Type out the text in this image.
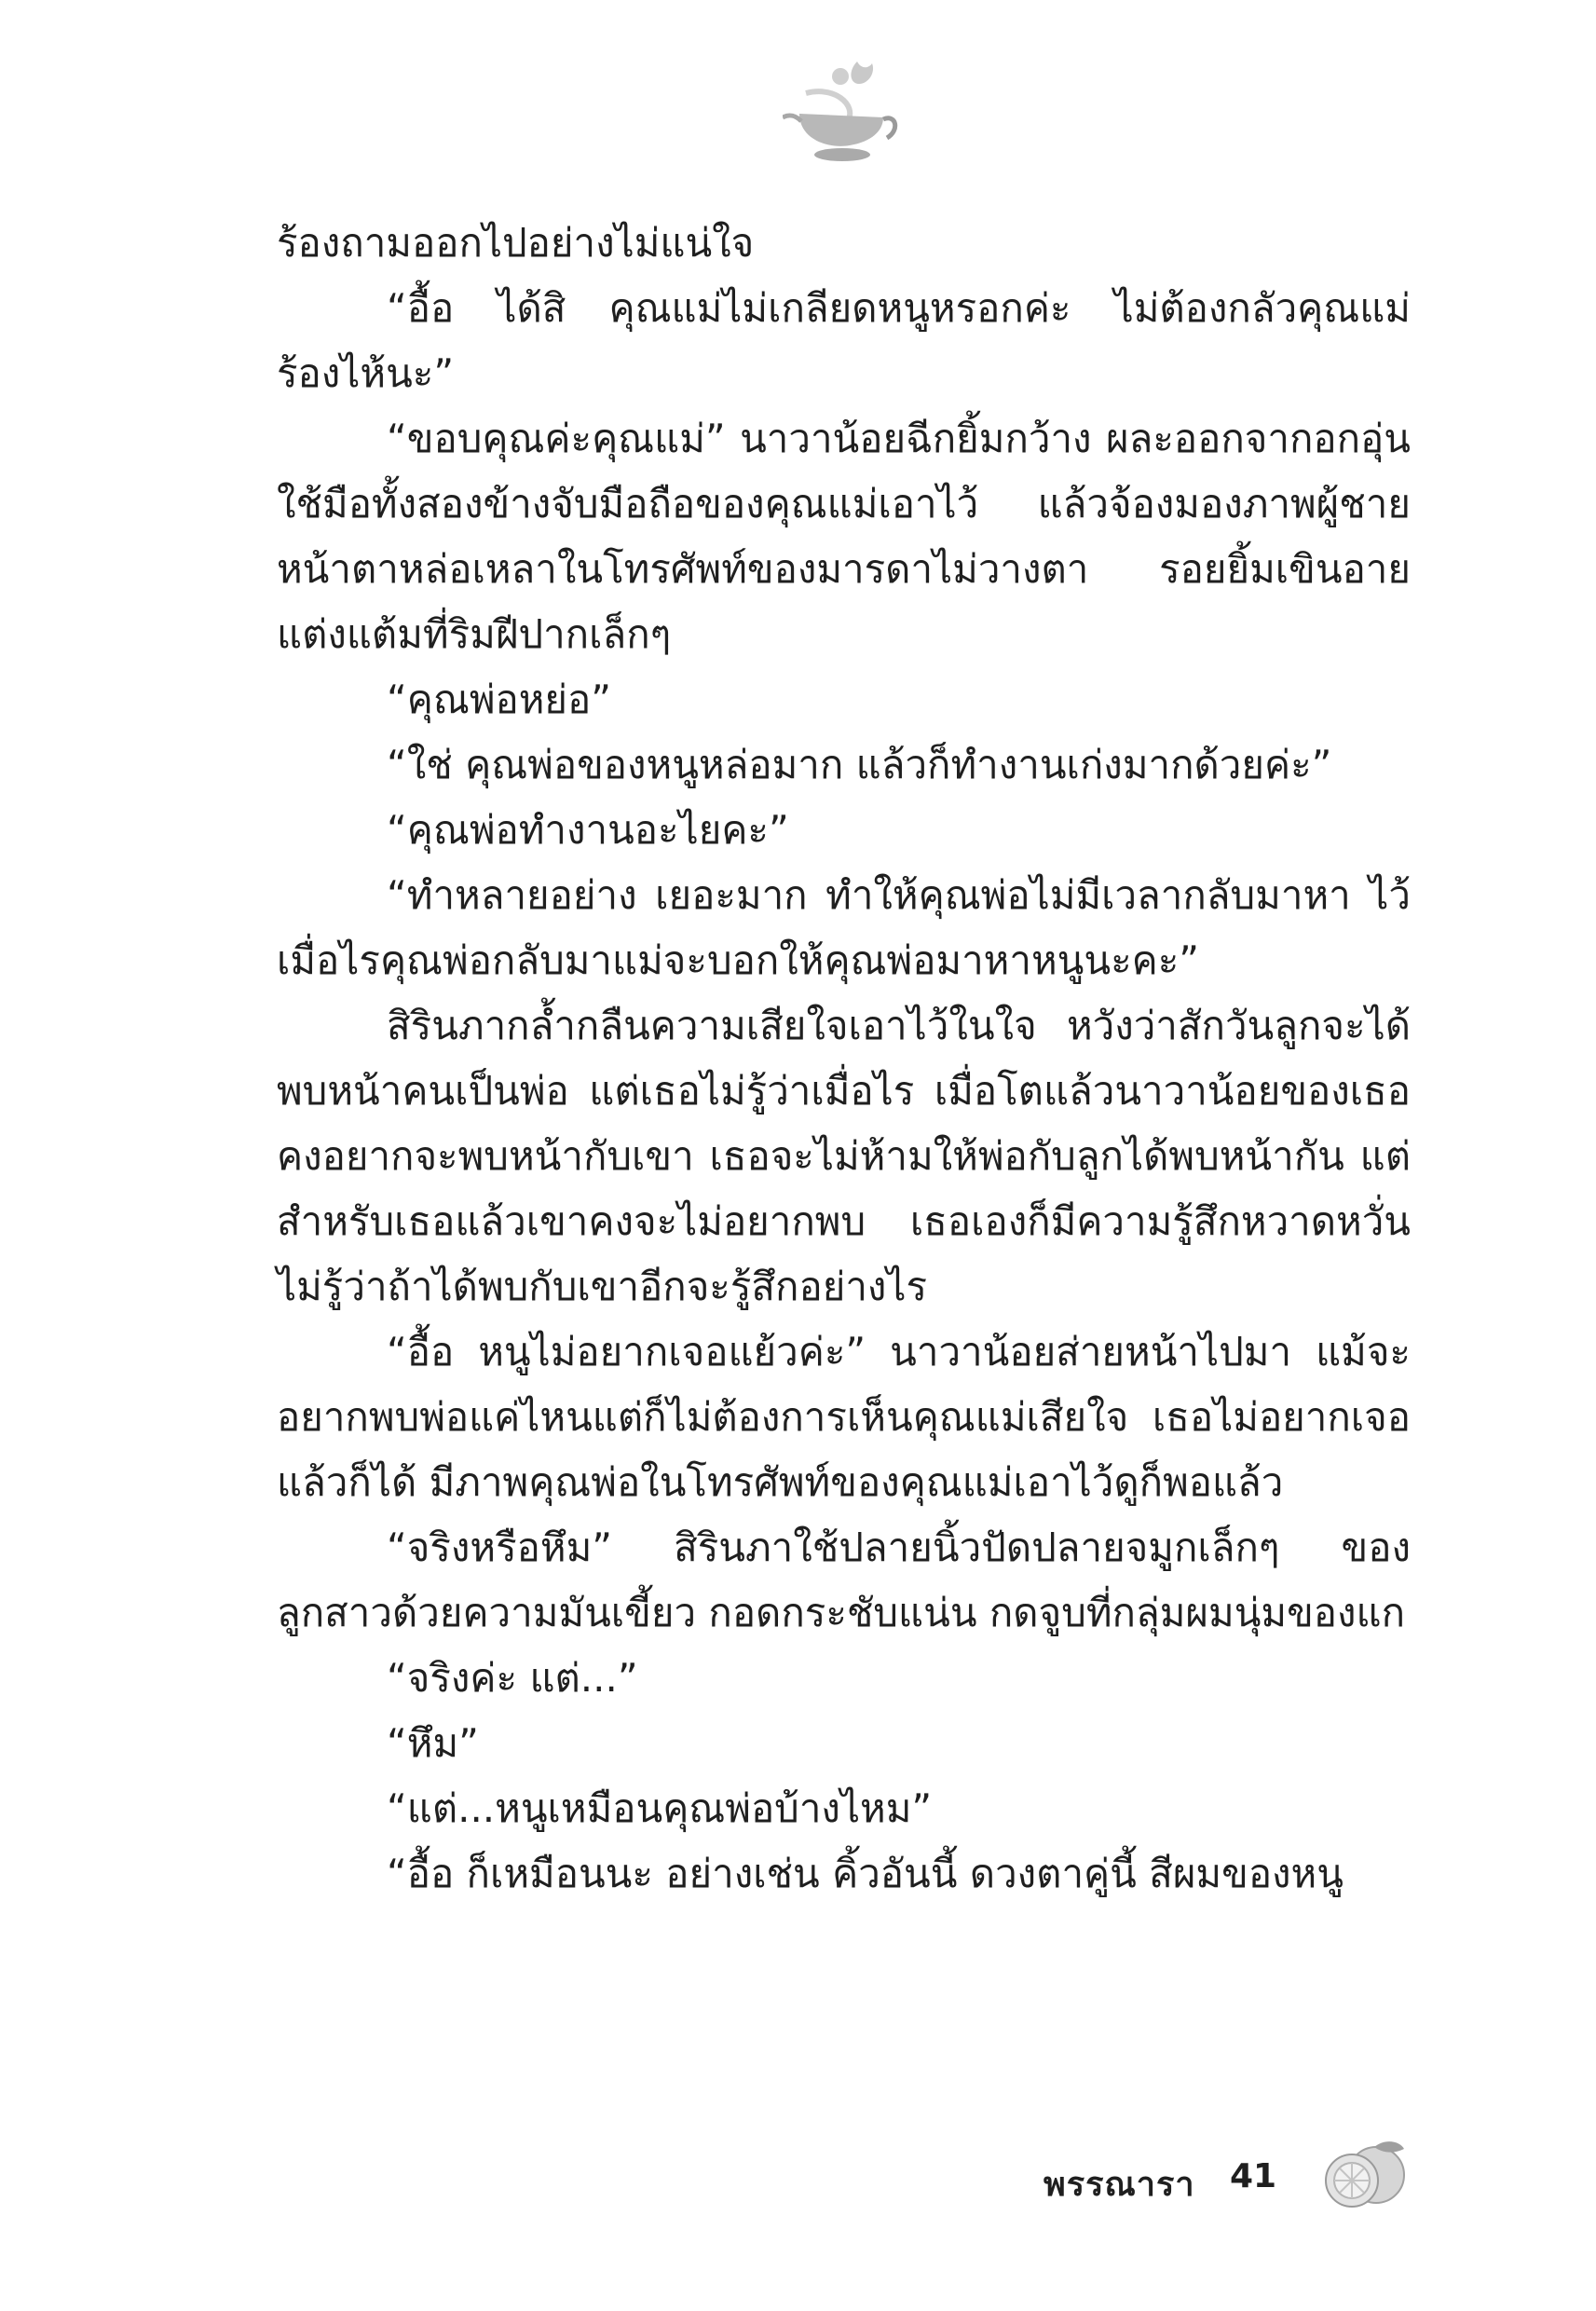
ร้องถามออกไปอย่างไม่แน่ใจ

“อื้อ ได้สิ คุณแม่ไม่เกลียดหนูหรอกค่ะ ไม่ต้องกลัวคุณแม่ร้องไห้นะ”

“ขอบคุณค่ะคุณแม่” นาวาน้อยฉีกยิ้มกว้าง ผละออกจากอกอุ่น ใช้มือทั้งสองข้างจับมือถือของคุณแม่เอาไว้ แล้วจ้องมองภาพผู้ชายหน้าตาหล่อเหลาในโทรศัพท์ของมารดาไม่วางตา รอยยิ้มเขินอายแต่งแต้มที่ริมฝีปากเล็กๆ

“คุณพ่อหย่อ”

“ใช่ คุณพ่อของหนูหล่อมาก แล้วก็ทำงานเก่งมากด้วยค่ะ”

“คุณพ่อทำงานอะไยคะ”

“ทำหลายอย่าง เยอะมาก ทำให้คุณพ่อไม่มีเวลากลับมาหา ไว้เมื่อไรคุณพ่อกลับมาแม่จะบอกให้คุณพ่อมาหาหนูนะคะ”

สิรินภากล้ำกลืนความเสียใจเอาไว้ในใจ หวังว่าสักวันลูกจะได้พบหน้าคนเป็นพ่อ แต่เธอไม่รู้ว่าเมื่อไร เมื่อโตแล้วนาวาน้อยของเธอคงอยากจะพบหน้ากับเขา เธอจะไม่ห้ามให้พ่อกับลูกได้พบหน้ากัน แต่สำหรับเธอแล้วเขาคงจะไม่อยากพบ เธอเองก็มีความรู้สึกหวาดหวั่นไม่รู้ว่าถ้าได้พบกับเขาอีกจะรู้สึกอย่างไร

“อื้อ หนูไม่อยากเจอแย้วค่ะ” นาวาน้อยส่ายหน้าไปมา แม้จะอยากพบพ่อแค่ไหนแต่ก็ไม่ต้องการเห็นคุณแม่เสียใจ เธอไม่อยากเจอแล้วก็ได้ มีภาพคุณพ่อในโทรศัพท์ของคุณแม่เอาไว้ดูก็พอแล้ว

“จริงหรือหึม” สิรินภาใช้ปลายนิ้วปัดปลายจมูกเล็กๆ ของลูกสาวด้วยความมันเขี้ยว กอดกระชับแน่น กดจูบที่กลุ่มผมนุ่มของแก

“จริงค่ะ แต่...”

“หึม”

“แต่...หนูเหมือนคุณพ่อบ้างไหม”

“อื้อ ก็เหมือนนะ อย่างเช่น คิ้วอันนี้ ดวงตาคู่นี้ สีผมของหนู

พรรณารา 41
